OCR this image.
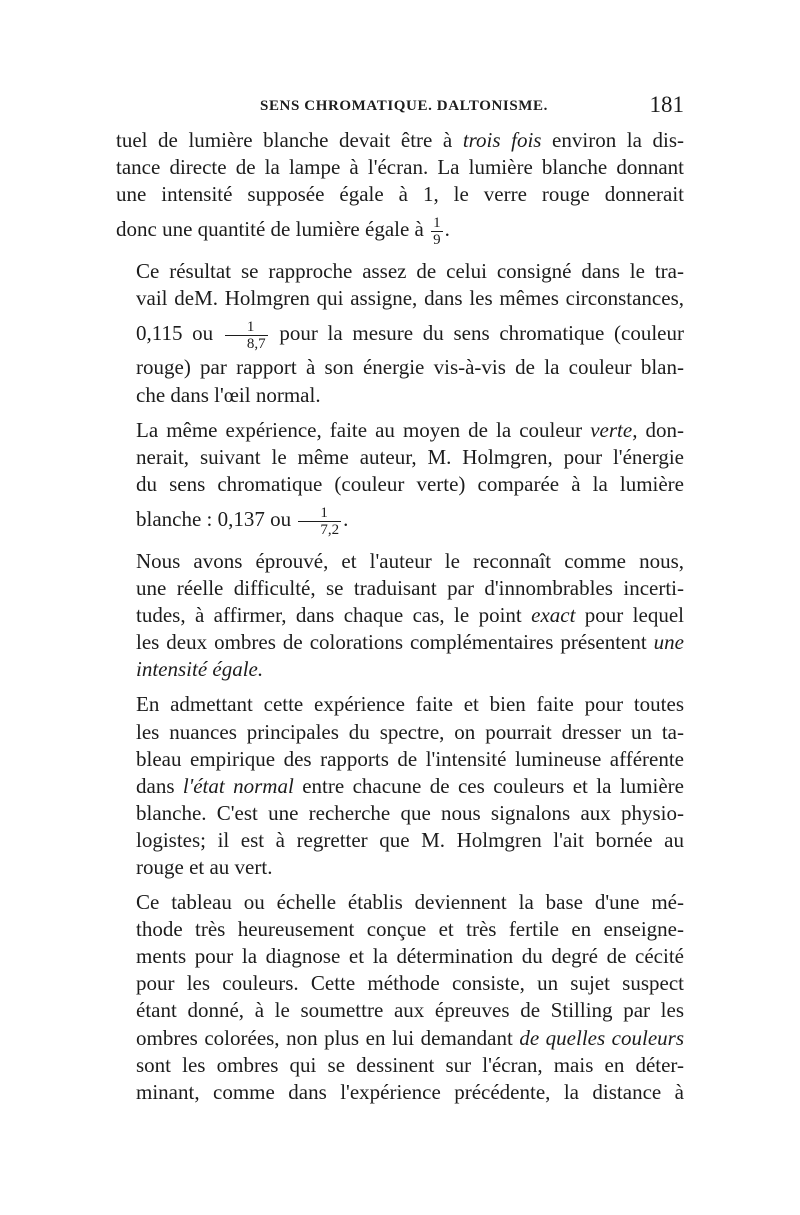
SENS CHROMATIQUE. DALTONISME.	181
tuel de lumière blanche devait être à trois fois environ la dis-
tance directe de la lampe à l'écran. La lumière blanche donnant
une intensité supposée égale à 1, le verre rouge donnerait
donc une quantité de lumière égale à $\frac{1}{9}$ .
Ce résultat se rapproche assez de celui consigné dans le tra-
vail deM. Holmgren qui assigne, dans les mêmes circonstances,
0,115 ou $\frac{1}{8,7}$ pour la mesure du sens chromatique (couleur
rouge) par rapport à son énergie vis-à-vis de la couleur blan-
che dans l'œil normal.
La même expérience, faite au moyen de la couleur verte, don-
nerait, suivant le même auteur, M. Holmgren, pour l'énergie
du sens chromatique (couleur verte) comparée à la lumière
blanche : 0,137 ou $\frac{1}{7,2}$ .
Nous avons éprouvé, et l'auteur le reconnaît comme nous,
une réelle difficulté, se traduisant par d'innombrables incerti-
tudes, à affirmer, dans chaque cas, le point exact pour lequel
les deux ombres de colorations complémentaires présentent une
intensité égale.
En admettant cette expérience faite et bien faite pour toutes
les nuances principales du spectre, on pourrait dresser un ta-
bleau empirique des rapports de l'intensité lumineuse afférente
dans l'état normal entre chacune de ces couleurs et la lumière
blanche. C'est une recherche que nous signalons aux physio-
logistes; il est à regretter que M. Holmgren l'ait bornée au
rouge et au vert.
Ce tableau ou échelle établis deviennent la base d'une mé-
thode très heureusement conçue et très fertile en enseigne-
ments pour la diagnose et la détermination du degré de cécité
pour les couleurs. Cette méthode consiste, un sujet suspect
étant donné, à le soumettre aux épreuves de Stilling par les
ombres colorées, non plus en lui demandant de quelles couleurs
sont les ombres qui se dessinent sur l'écran, mais en déter-
minant, comme dans l'expérience précédente, la distance à
